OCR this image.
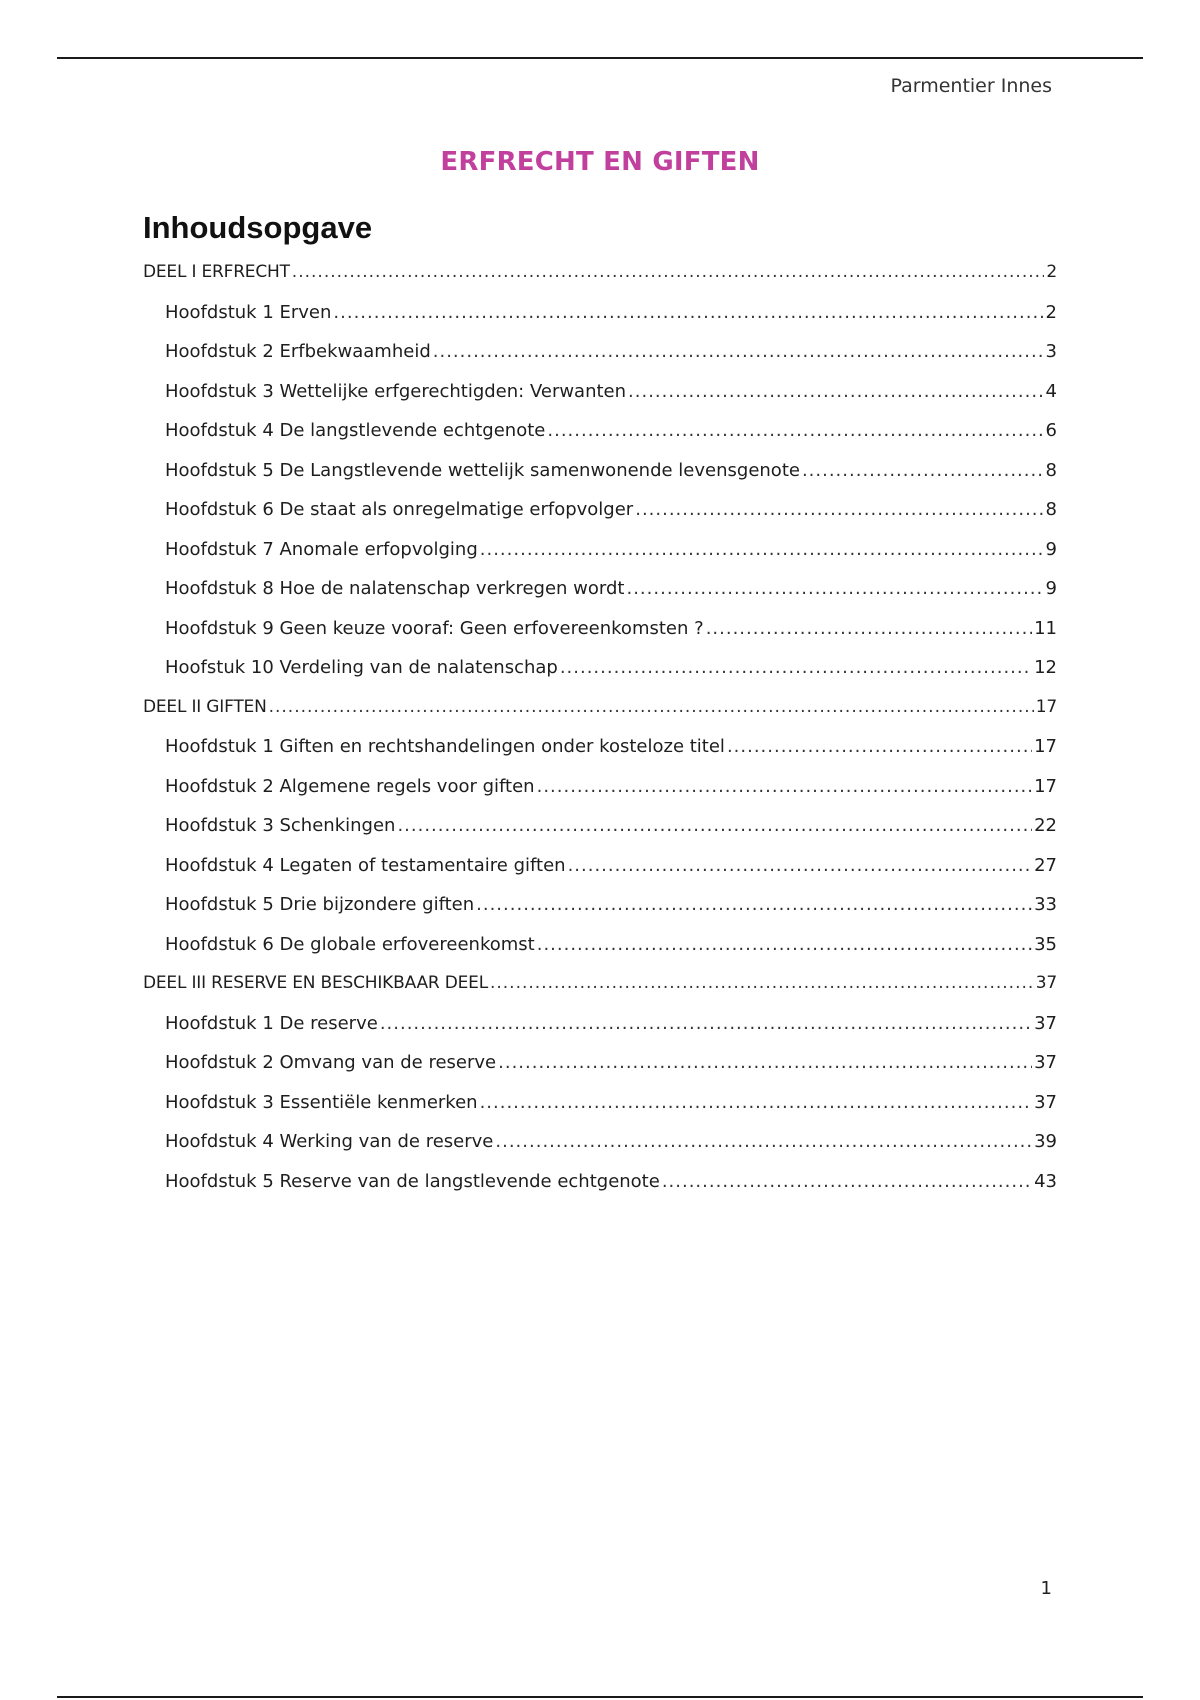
Parmentier Innes
ERFRECHT EN GIFTEN
Inhoudsopgave
DEEL I ERFRECHT .....	2
Hoofdstuk 1 Erven .....	2
Hoofdstuk 2 Erfbekwaamheid .....	3
Hoofdstuk 3 Wettelijke erfgerechtigden: Verwanten .....	4
Hoofdstuk 4 De langstlevende echtgenote .....	6
Hoofdstuk 5 De Langstlevende wettelijk samenwonende levensgenote .....	8
Hoofdstuk 6 De staat als onregelmatige erfopvolger .....	8
Hoofdstuk 7 Anomale erfopvolging .....	9
Hoofdstuk 8 Hoe de nalatenschap verkregen wordt .....	9
Hoofdstuk 9 Geen keuze vooraf: Geen erfovereenkomsten ? .....	11
Hoofstuk 10 Verdeling van de nalatenschap .....	12
DEEL II GIFTEN .....	17
Hoofdstuk 1 Giften en rechtshandelingen onder kosteloze titel .....	17
Hoofdstuk 2 Algemene regels voor giften .....	17
Hoofdstuk 3 Schenkingen .....	22
Hoofdstuk 4 Legaten of testamentaire giften .....	27
Hoofdstuk 5 Drie bijzondere giften .....	33
Hoofdstuk 6 De globale erfovereenkomst .....	35
DEEL III RESERVE EN BESCHIKBAAR DEEL .....	37
Hoofdstuk 1 De reserve .....	37
Hoofdstuk 2 Omvang van de reserve .....	37
Hoofdstuk 3 Essentiële kenmerken .....	37
Hoofdstuk 4 Werking van de reserve .....	39
Hoofdstuk 5 Reserve van de langstlevende echtgenote .....	43
1
